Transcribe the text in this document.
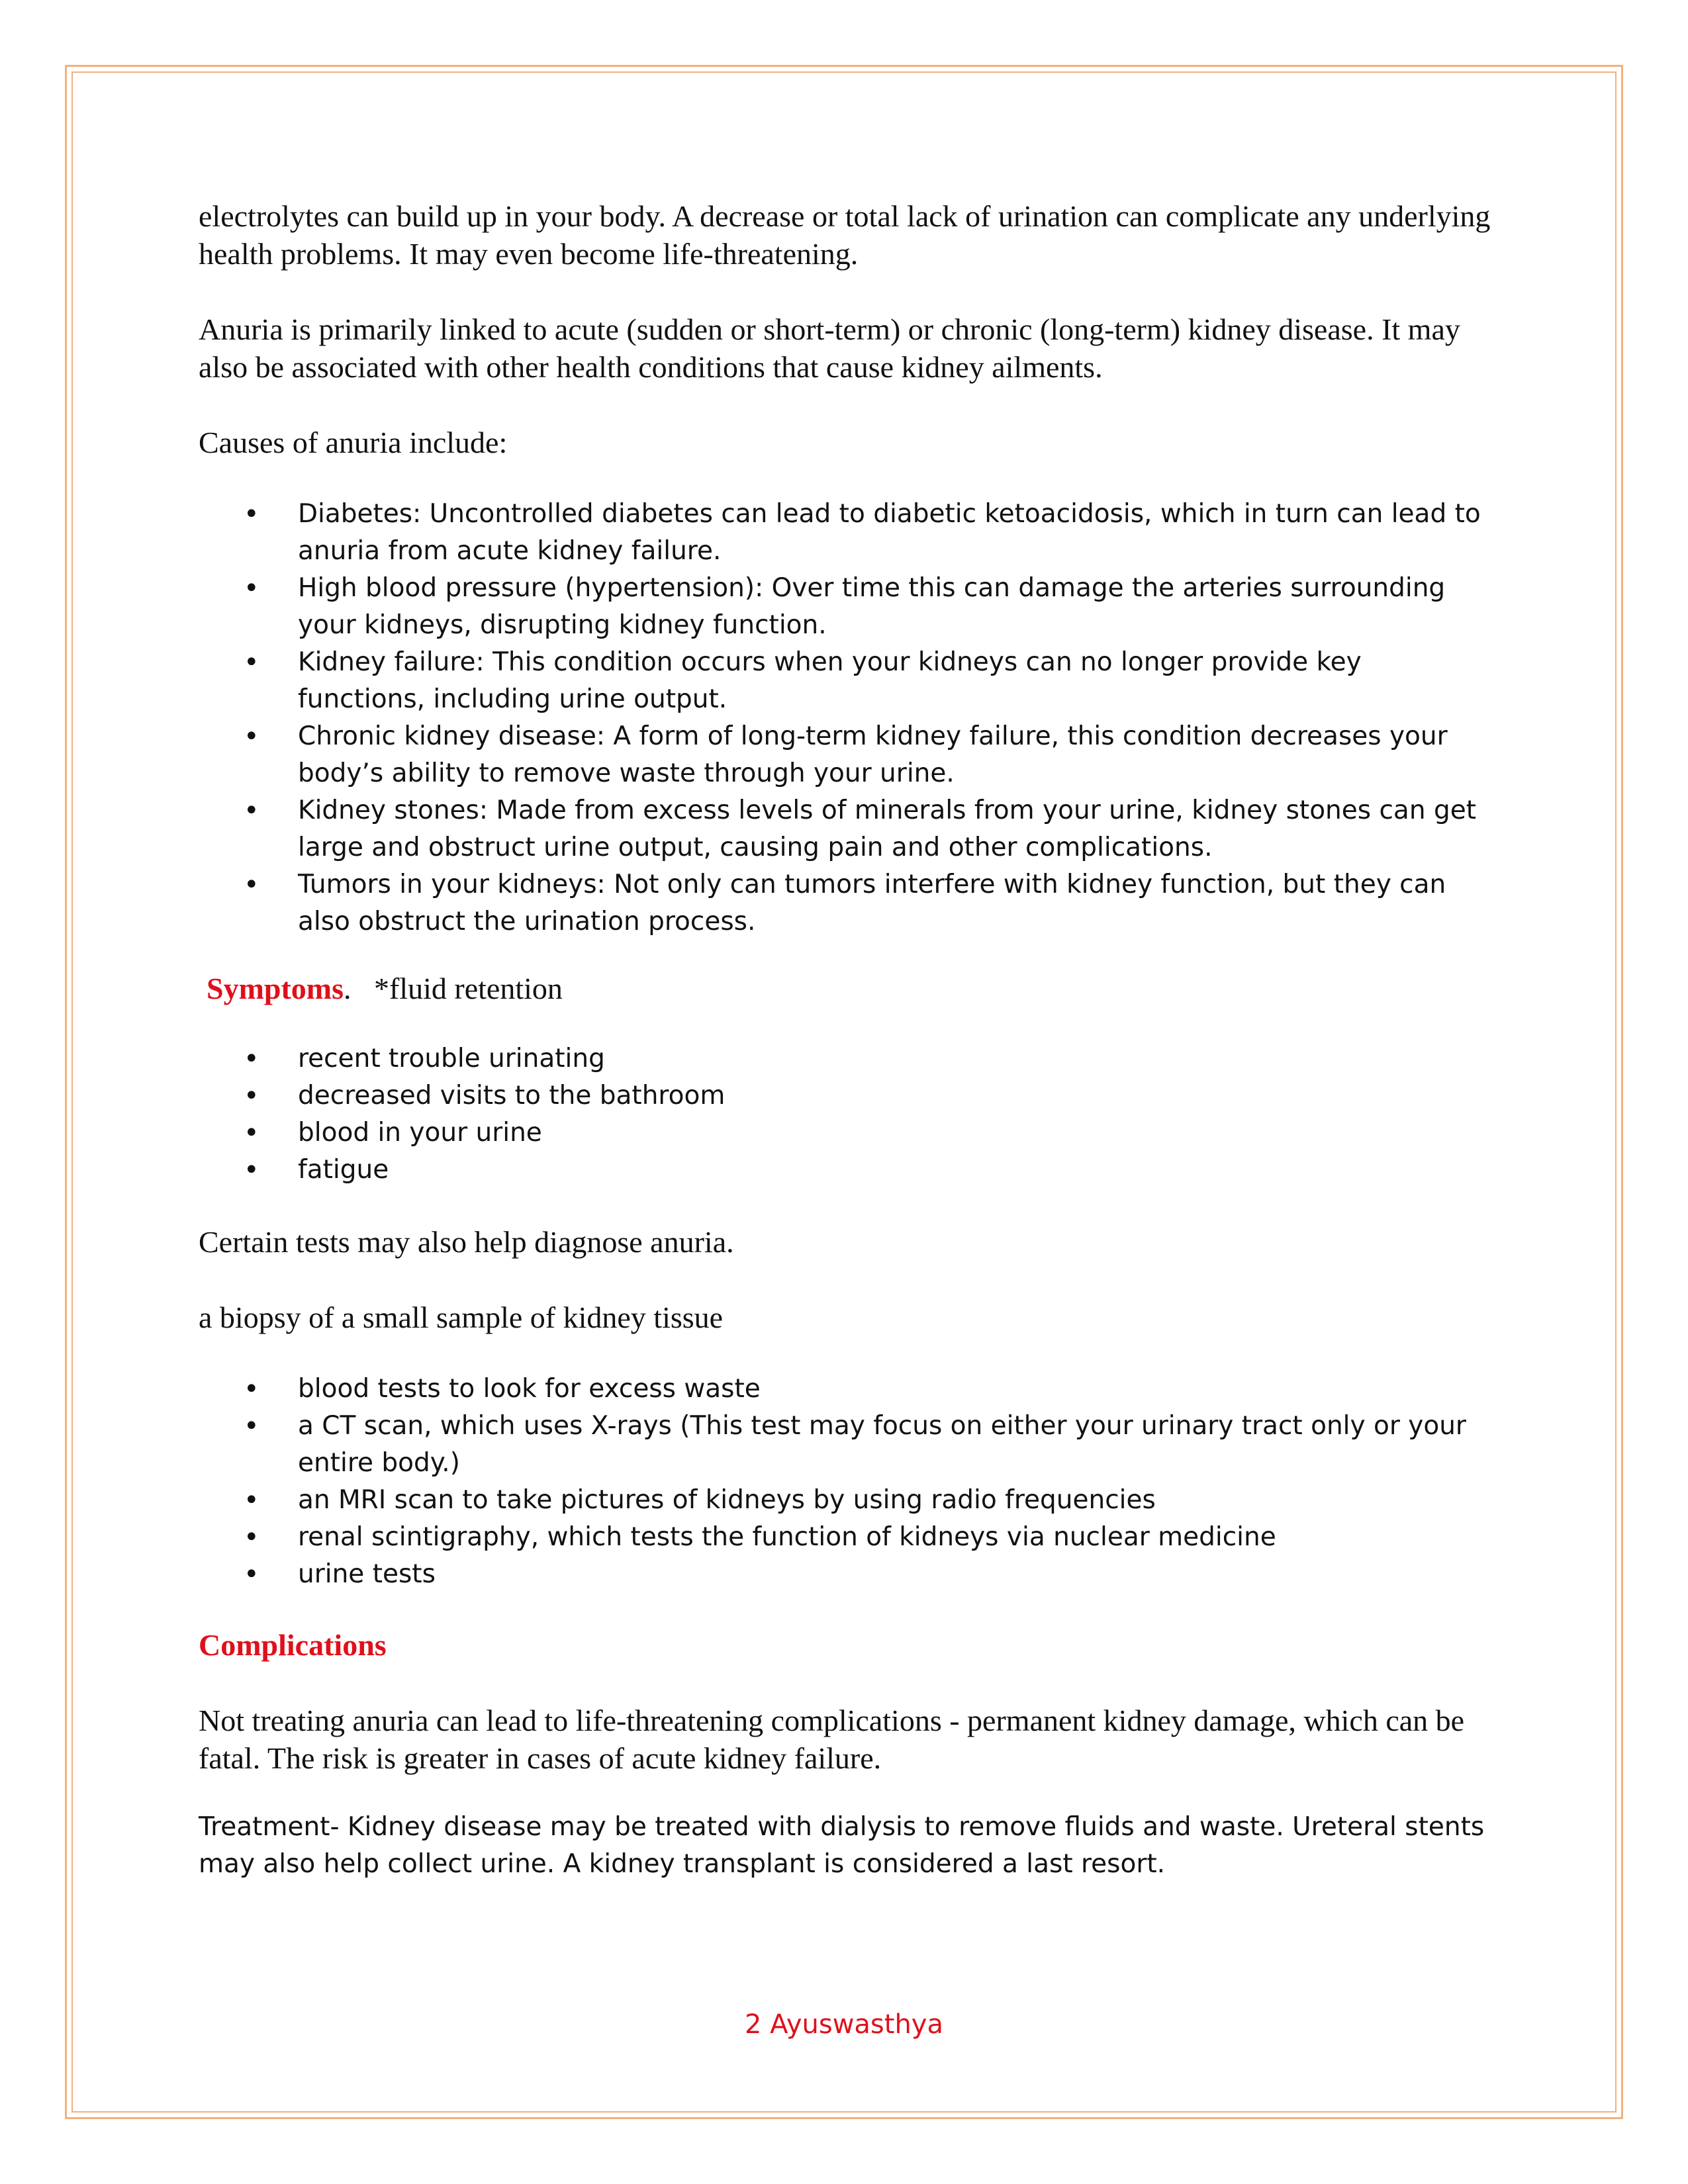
electrolytes can build up in your body. A decrease or total lack of urination can complicate any underlying health problems. It may even become life-threatening.

Anuria is primarily linked to acute (sudden or short-term) or chronic (long-term) kidney disease. It may also be associated with other health conditions that cause kidney ailments.

Causes of anuria include:

• Diabetes: Uncontrolled diabetes can lead to diabetic ketoacidosis, which in turn can lead to anuria from acute kidney failure.
• High blood pressure (hypertension): Over time this can damage the arteries surrounding your kidneys, disrupting kidney function.
• Kidney failure: This condition occurs when your kidneys can no longer provide key functions, including urine output.
• Chronic kidney disease: A form of long-term kidney failure, this condition decreases your body’s ability to remove waste through your urine.
• Kidney stones: Made from excess levels of minerals from your urine, kidney stones can get large and obstruct urine output, causing pain and other complications.
• Tumors in your kidneys: Not only can tumors interfere with kidney function, but they can also obstruct the urination process.

Symptoms.   *fluid retention

• recent trouble urinating
• decreased visits to the bathroom
• blood in your urine
• fatigue

Certain tests may also help diagnose anuria.

a biopsy of a small sample of kidney tissue

• blood tests to look for excess waste
• a CT scan, which uses X-rays (This test may focus on either your urinary tract only or your entire body.)
• an MRI scan to take pictures of kidneys by using radio frequencies
• renal scintigraphy, which tests the function of kidneys via nuclear medicine
• urine tests

Complications

Not treating anuria can lead to life-threatening complications - permanent kidney damage, which can be fatal. The risk is greater in cases of acute kidney failure.

Treatment- Kidney disease may be treated with dialysis to remove fluids and waste. Ureteral stents may also help collect urine. A kidney transplant is considered a last resort.

2 Ayuswasthya
